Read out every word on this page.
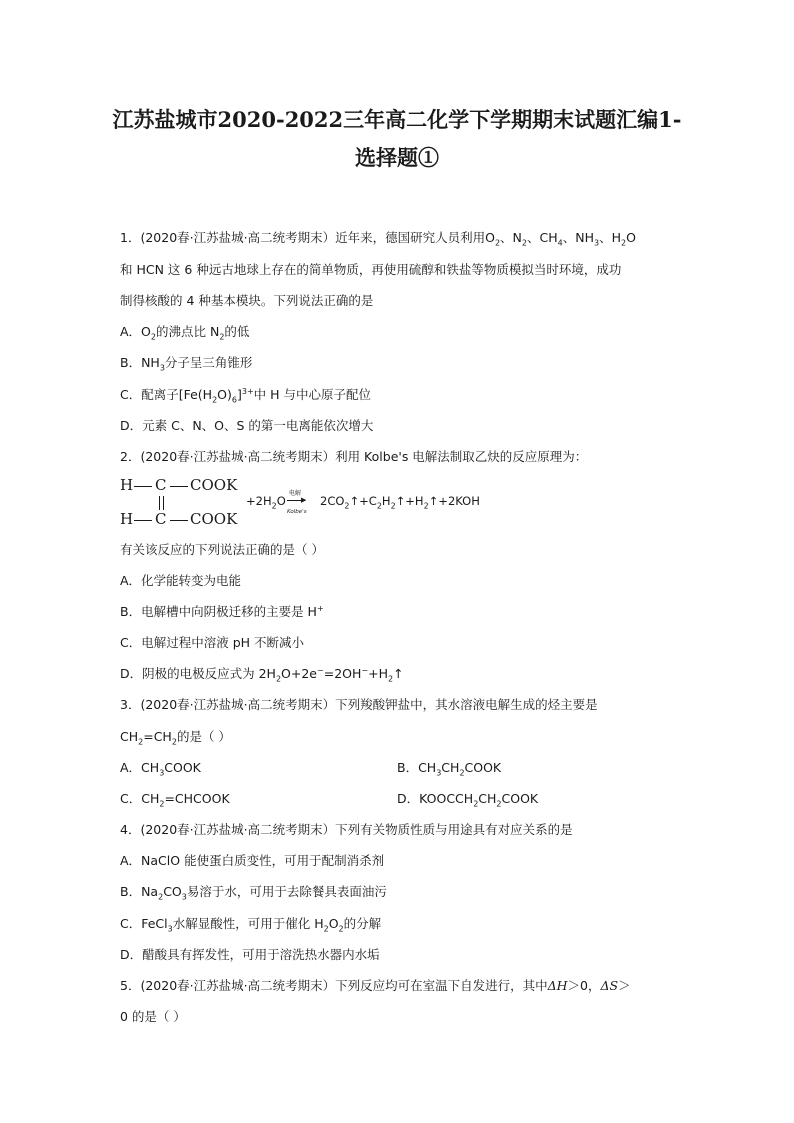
江苏盐城市2020-2022三年高二化学下学期期末试题汇编1-
选择题①
1．(2020春·江苏盐城·高二统考期末）近年来，德国研究人员利用$O_2$、$N_2$、$CH_4$、$NH_3$、$H_2O$
和 HCN 这 6 种远古地球上存在的简单物质，再使用硫醇和铁盐等物质模拟当时环境，成功
制得核酸的 4 种基本模块。下列说法正确的是
A．$O_2$的沸点比 $N_2$的低
B．$NH_3$分子呈三角锥形
C．配离子$[Fe(H_2O)_6]^{3+}$中 H 与中心原子配位
D．元素 C、N、O、S 的第一电离能依次增大
2．(2020春·江苏盐城·高二统考期末）利用 Kolbe's 电解法制取乙炔的反应原理为：
H C COOK
H C COOK
$+2H_2O$
电解
▶
Kolbe's
$2CO_2↑+C_2H_2↑+H_2↑+2KOH$
有关该反应的下列说法正确的是（ ）
A．化学能转变为电能
B．电解槽中向阴极迁移的主要是 H+
C．电解过程中溶液 pH 不断减小
D．阴极的电极反应式为 $2H_2O+2e^-=2OH^-+H_2↑$
3．(2020春·江苏盐城·高二统考期末）下列羧酸钾盐中，其水溶液电解生成的烃主要是
$CH_2=CH_2$的是（ ）
A．$CH_3COOK$	B．$CH_3CH_2COOK$
C．$CH_2=CHCOOK$	D．$KOOCCH_2CH_2COOK$
4．(2020春·江苏盐城·高二统考期末）下列有关物质性质与用途具有对应关系的是
A．NaClO 能使蛋白质变性，可用于配制消杀剂
B．$Na_2CO_3$易溶于水，可用于去除餐具表面油污
C．FeCl$_3$水解显酸性，可用于催化 $H_2O_2$的分解
D．醋酸具有挥发性，可用于溶洗热水器内水垢
5．(2020春·江苏盐城·高二统考期末）下列反应均可在室温下自发进行，其中ΔH＞0，ΔS＞
0 的是（ ）
